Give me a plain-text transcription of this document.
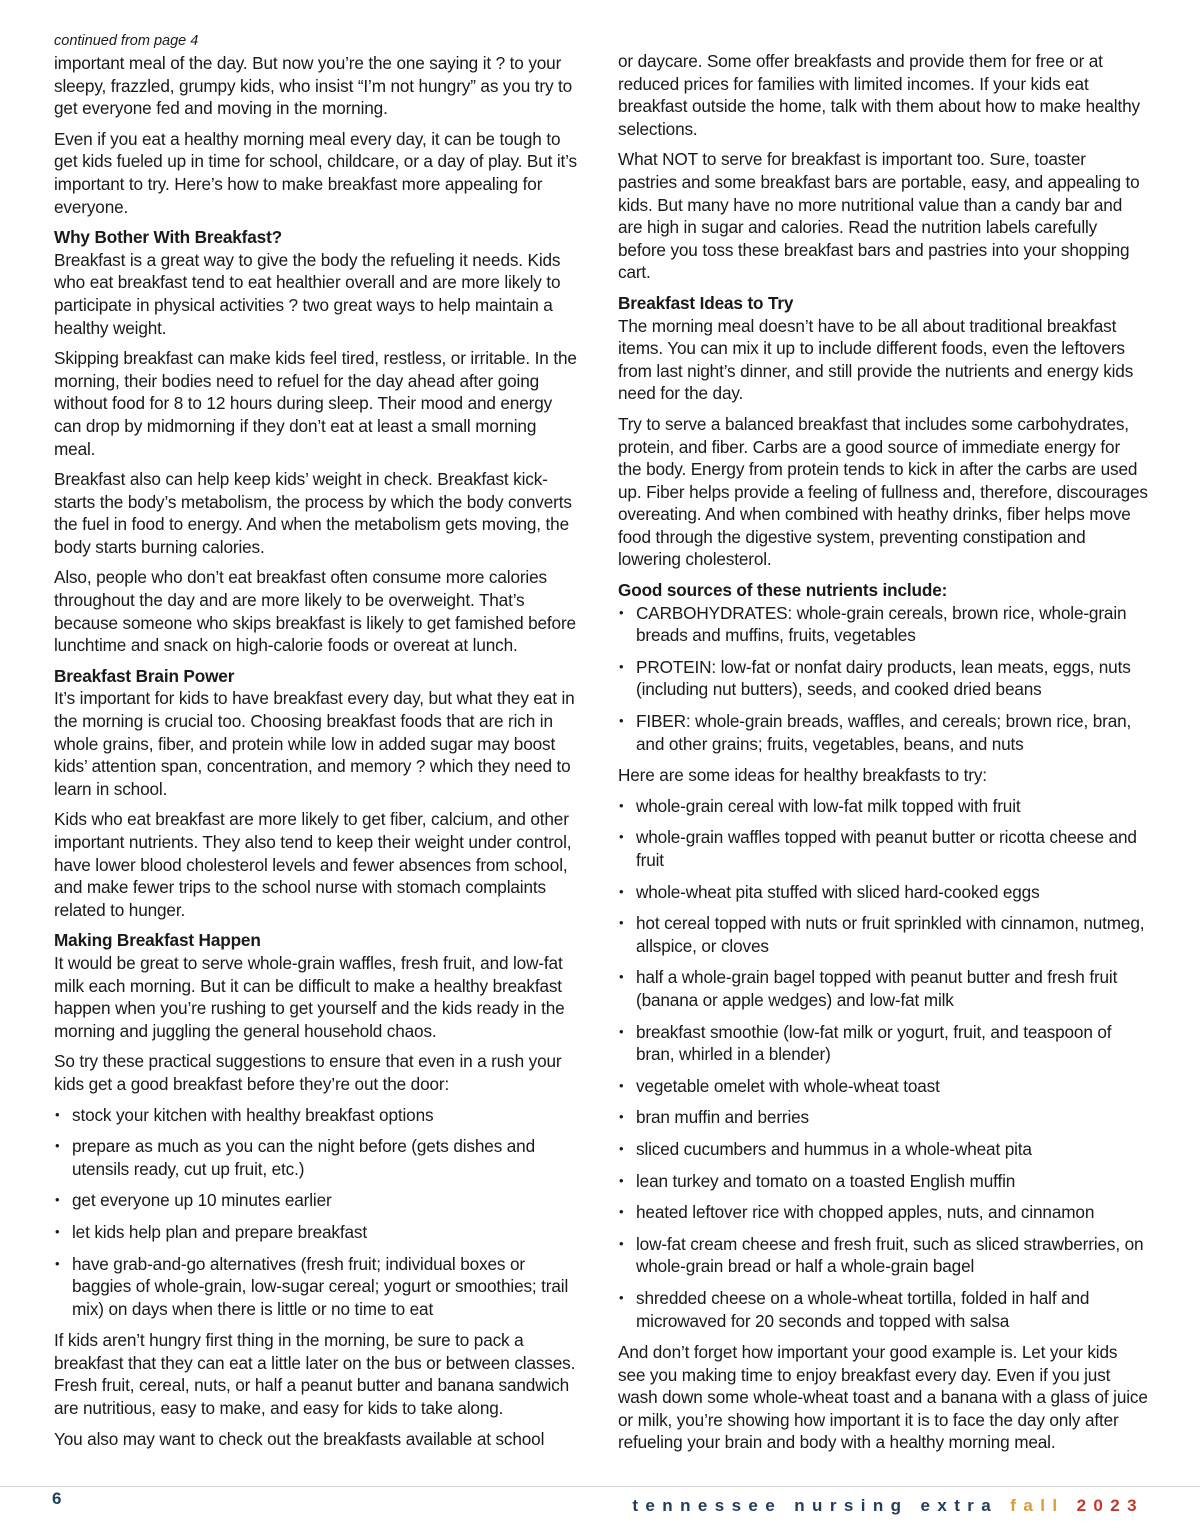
continued from page 4

important meal of the day. But now you’re the one saying it ? to your sleepy, frazzled, grumpy kids, who insist “I’m not hungry” as you try to get everyone fed and moving in the morning.

Even if you eat a healthy morning meal every day, it can be tough to get kids fueled up in time for school, childcare, or a day of play. But it’s important to try. Here’s how to make breakfast more appealing for everyone.

Why Bother With Breakfast?

Breakfast is a great way to give the body the refueling it needs. Kids who eat breakfast tend to eat healthier overall and are more likely to participate in physical activities ? two great ways to help maintain a healthy weight.

Skipping breakfast can make kids feel tired, restless, or irritable. In the morning, their bodies need to refuel for the day ahead after going without food for 8 to 12 hours during sleep. Their mood and energy can drop by midmorning if they don’t eat at least a small morning meal.

Breakfast also can help keep kids’ weight in check. Breakfast kick-starts the body’s metabolism, the process by which the body converts the fuel in food to energy. And when the metabolism gets moving, the body starts burning calories.

Also, people who don’t eat breakfast often consume more calories throughout the day and are more likely to be overweight. That’s because someone who skips breakfast is likely to get famished before lunchtime and snack on high-calorie foods or overeat at lunch.

Breakfast Brain Power

It’s important for kids to have breakfast every day, but what they eat in the morning is crucial too. Choosing breakfast foods that are rich in whole grains, fiber, and protein while low in added sugar may boost kids’ attention span, concentration, and memory ? which they need to learn in school.

Kids who eat breakfast are more likely to get fiber, calcium, and other important nutrients. They also tend to keep their weight under control, have lower blood cholesterol levels and fewer absences from school, and make fewer trips to the school nurse with stomach complaints related to hunger.

Making Breakfast Happen

It would be great to serve whole-grain waffles, fresh fruit, and low-fat milk each morning. But it can be difficult to make a healthy breakfast happen when you’re rushing to get yourself and the kids ready in the morning and juggling the general household chaos.

So try these practical suggestions to ensure that even in a rush your kids get a good breakfast before they’re out the door:

• stock your kitchen with healthy breakfast options
• prepare as much as you can the night before (gets dishes and utensils ready, cut up fruit, etc.)
• get everyone up 10 minutes earlier
• let kids help plan and prepare breakfast
• have grab-and-go alternatives (fresh fruit; individual boxes or baggies of whole-grain, low-sugar cereal; yogurt or smoothies; trail mix) on days when there is little or no time to eat

If kids aren’t hungry first thing in the morning, be sure to pack a breakfast that they can eat a little later on the bus or between classes. Fresh fruit, cereal, nuts, or half a peanut butter and banana sandwich are nutritious, easy to make, and easy for kids to take along.

You also may want to check out the breakfasts available at school

or daycare. Some offer breakfasts and provide them for free or at reduced prices for families with limited incomes. If your kids eat breakfast outside the home, talk with them about how to make healthy selections.

What NOT to serve for breakfast is important too. Sure, toaster pastries and some breakfast bars are portable, easy, and appealing to kids. But many have no more nutritional value than a candy bar and are high in sugar and calories. Read the nutrition labels carefully before you toss these breakfast bars and pastries into your shopping cart.

Breakfast Ideas to Try

The morning meal doesn’t have to be all about traditional breakfast items. You can mix it up to include different foods, even the leftovers from last night’s dinner, and still provide the nutrients and energy kids need for the day.

Try to serve a balanced breakfast that includes some carbohydrates, protein, and fiber. Carbs are a good source of immediate energy for the body. Energy from protein tends to kick in after the carbs are used up. Fiber helps provide a feeling of fullness and, therefore, discourages overeating. And when combined with heathy drinks, fiber helps move food through the digestive system, preventing constipation and lowering cholesterol.

Good sources of these nutrients include:
• CARBOHYDRATES: whole-grain cereals, brown rice, whole-grain breads and muffins, fruits, vegetables
• PROTEIN: low-fat or nonfat dairy products, lean meats, eggs, nuts (including nut butters), seeds, and cooked dried beans
• FIBER: whole-grain breads, waffles, and cereals; brown rice, bran, and other grains; fruits, vegetables, beans, and nuts

Here are some ideas for healthy breakfasts to try:

• whole-grain cereal with low-fat milk topped with fruit
• whole-grain waffles topped with peanut butter or ricotta cheese and fruit
• whole-wheat pita stuffed with sliced hard-cooked eggs
• hot cereal topped with nuts or fruit sprinkled with cinnamon, nutmeg, allspice, or cloves
• half a whole-grain bagel topped with peanut butter and fresh fruit (banana or apple wedges) and low-fat milk
• breakfast smoothie (low-fat milk or yogurt, fruit, and teaspoon of bran, whirled in a blender)
• vegetable omelet with whole-wheat toast
• bran muffin and berries
• sliced cucumbers and hummus in a whole-wheat pita
• lean turkey and tomato on a toasted English muffin
• heated leftover rice with chopped apples, nuts, and cinnamon
• low-fat cream cheese and fresh fruit, such as sliced strawberries, on whole-grain bread or half a whole-grain bagel
• shredded cheese on a whole-wheat tortilla, folded in half and microwaved for 20 seconds and topped with salsa

And don’t forget how important your good example is. Let your kids see you making time to enjoy breakfast every day. Even if you just wash down some whole-wheat toast and a banana with a glass of juice or milk, you’re showing how important it is to face the day only after refueling your brain and body with a healthy morning meal.

6	tennessee nursing extra fall 2023
